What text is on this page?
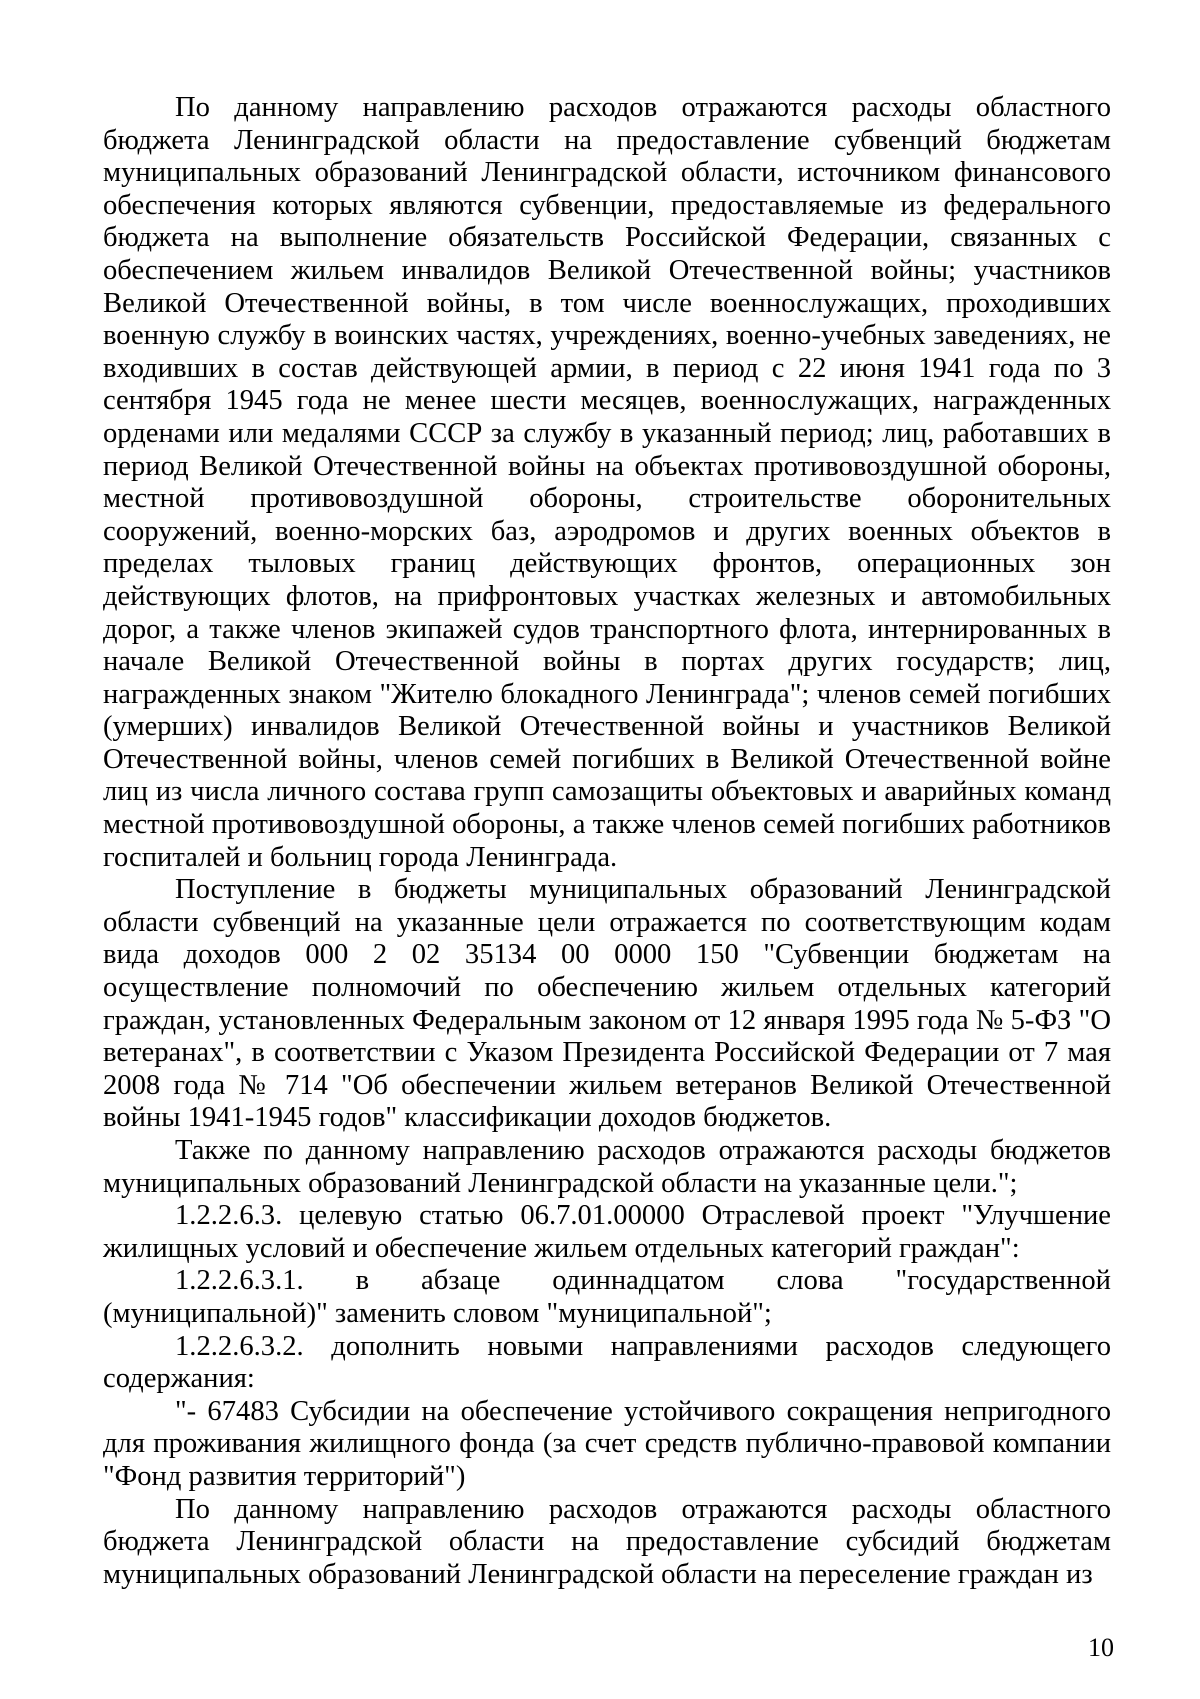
По данному направлению расходов отражаются расходы областного бюджета Ленинградской области на предоставление субвенций бюджетам муниципальных образований Ленинградской области, источником финансового обеспечения которых являются субвенции, предоставляемые из федерального бюджета на выполнение обязательств Российской Федерации, связанных с обеспечением жильем инвалидов Великой Отечественной войны; участников Великой Отечественной войны, в том числе военнослужащих, проходивших военную службу в воинских частях, учреждениях, военно-учебных заведениях, не входивших в состав действующей армии, в период с 22 июня 1941 года по 3 сентября 1945 года не менее шести месяцев, военнослужащих, награжденных орденами или медалями СССР за службу в указанный период; лиц, работавших в период Великой Отечественной войны на объектах противовоздушной обороны, местной противовоздушной обороны, строительстве оборонительных сооружений, военно-морских баз, аэродромов и других военных объектов в пределах тыловых границ действующих фронтов, операционных зон действующих флотов, на прифронтовых участках железных и автомобильных дорог, а также членов экипажей судов транспортного флота, интернированных в начале Великой Отечественной войны в портах других государств; лиц, награжденных знаком "Жителю блокадного Ленинграда"; членов семей погибших (умерших) инвалидов Великой Отечественной войны и участников Великой Отечественной войны, членов семей погибших в Великой Отечественной войне лиц из числа личного состава групп самозащиты объектовых и аварийных команд местной противовоздушной обороны, а также членов семей погибших работников госпиталей и больниц города Ленинграда.

Поступление в бюджеты муниципальных образований Ленинградской области субвенций на указанные цели отражается по соответствующим кодам вида доходов 000 2 02 35134 00 0000 150 "Субвенции бюджетам на осуществление полномочий по обеспечению жильем отдельных категорий граждан, установленных Федеральным законом от 12 января 1995 года № 5-ФЗ "О ветеранах", в соответствии с Указом Президента Российской Федерации от 7 мая 2008 года № 714 "Об обеспечении жильем ветеранов Великой Отечественной войны 1941-1945 годов" классификации доходов бюджетов.

Также по данному направлению расходов отражаются расходы бюджетов муниципальных образований Ленинградской области на указанные цели.";

1.2.2.6.3. целевую статью 06.7.01.00000 Отраслевой проект "Улучшение жилищных условий и обеспечение жильем отдельных категорий граждан":

1.2.2.6.3.1. в абзаце одиннадцатом слова "государственной (муниципальной)" заменить словом "муниципальной";

1.2.2.6.3.2. дополнить новыми направлениями расходов следующего содержания:

"- 67483 Субсидии на обеспечение устойчивого сокращения непригодного для проживания жилищного фонда (за счет средств публично-правовой компании "Фонд развития территорий")

По данному направлению расходов отражаются расходы областного бюджета Ленинградской области на предоставление субсидий бюджетам муниципальных образований Ленинградской области на переселение граждан из

10
